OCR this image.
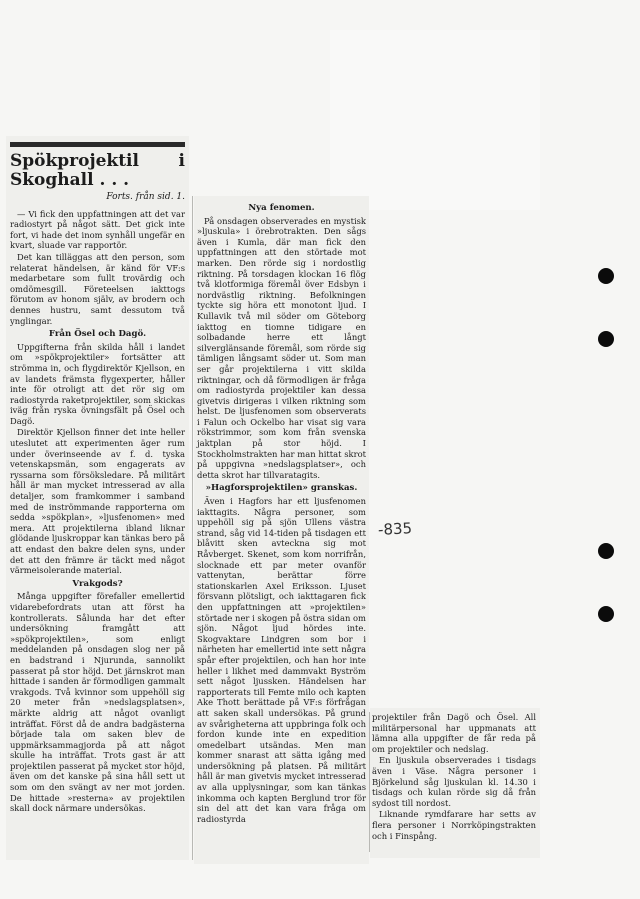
Spökprojektil i Skoghall . . .
Forts. från sid. 1.

— Vi fick den uppfattningen att det var radiostyrt på något sätt. Det gick inte fort, vi hade det inom synhåll ungefär en kvart, sluade var rapportör.

Det kan tilläggas att den person, som relaterat händelsen, är känd för VF:s medarbetare som fullt trovärdig och omdömesgill. Företeelsen iakttogs förutom av honom själv, av brodern och dennes hustru, samt dessutom två ynglingar.

Från Ösel och Dagö.

Uppgifterna från skilda håll i landet om »spökprojektiler» fortsätter att strömma in, och flygdirektör Kjellson, en av landets främsta flygexperter, håller inte för otroligt att det rör sig om radiostyrda raketprojektiler, som skickas iväg från ryska övningsfält på Ösel och Dagö.

Direktör Kjellson finner det inte heller uteslutet att experimenten äger rum under överinseende av f. d. tyska vetenskapsmän, som engagerats av ryssarna som försöksledare. På militärt håll är man mycket intresserad av alla detaljer, som framkommer i samband med de inströmmande rapporterna om sedda »spökplan», »ljusfenomen» med mera. Att projektilerna ibland liknar glödande ljuskroppar kan tänkas bero på att endast den bakre delen syns, under det att den främre är täckt med något värmeisolerande material.

Vrakgods?

Många uppgifter förefaller emellertid vidarebefordrats utan att först ha kontrollerats. Sålunda har det efter undersökning framgått att »spökprojektilen», som enligt meddelanden på onsdagen slog ner på en badstrand i Njurunda, sannolikt passerat på stor höjd. Det järnskrot man hittade i sanden är förmodligen gammalt vrakgods. Två kvinnor som uppehöll sig 20 meter från »nedslagsplatsen», märkte aldrig att något ovanligt inträffat. Först då de andra badgästerna började tala om saken blev de uppmärksammagjorda på att något skulle ha inträffat. Trots gast är att projektilen passerat på mycket stor höjd, även om det kanske på sina håll sett ut som om den svängt av ner mot jorden. De hittade »resterna» av projektilen skall dock närmare undersökas.

Nya fenomen.

På onsdagen observerades en mystisk »ljuskula» i örebrotrakten. Den sågs även i Kumla, där man fick den uppfattningen att den störtade mot marken. Den rörde sig i nordostlig riktning. På torsdagen klockan 16 flög två klotformiga föremål över Edsbyn i nordvästlig riktning. Befolkningen tyckte sig höra ett monotont ljud. I Kullavik två mil söder om Göteborg iakttog en tiomne tidigare en solbadande herre ett långt silverglänsande föremål, som rörde sig tämligen långsamt söder ut. Som man ser går projektilerna i vitt skilda riktningar, och då förmodligen är fråga om radiostyrda projektiler kan dessa givetvis dirigeras i vilken riktning som helst. De ljusfenomen som observerats i Falun och Ockelbo har visat sig vara rökstrimmor, som kom från svenska jaktplan på stor höjd. I Stockholmstrakten har man hittat skrot på uppgivna »nedslagsplatser», och detta skrot har tillvaratagits.

»Hagforsprojektilen» granskas.

Även i Hagfors har ett ljusfenomen iakttagits. Några personer, som uppehöll sig på sjön Ullens västra strand, såg vid 14-tiden på tisdagen ett blåvitt sken avteckna sig mot Råvberget. Skenet, som kom norrifrån, slocknade ett par meter ovanför vattenytan, berättar förre stationskarlen Axel Eriksson. Ljuset försvann plötsligt, och iakttagaren fick den uppfattningen att »projektilen» störtade ner i skogen på östra sidan om sjön. Något ljud hördes inte. Skogvaktare Lindgren som bor i närheten har emellertid inte sett några spår efter projektilen, och han hor inte heller i likhet med dammvakt Byström sett något ljussken. Händelsen har rapporterats till Femte milo och kapten Ake Thott berättade på VF:s förfrågan att saken skall undersökas. På grund av svårigheterna att uppbringa folk och fordon kunde inte en expedition omedelbart utsändas. Men man kommer snarast att sätta igång med undersökning på platsen. På militärt håll är man givetvis mycket intresserad av alla upplysningar, som kan tänkas inkomma och kapten Berglund tror för sin del att det kan vara fråga om radiostyrda

projektiler från Dagö och Ösel. All militärpersonal har uppmanats att lämna alla uppgifter de får reda på om projektiler och nedslag.

En ljuskula observerades i tisdags även i Väse. Några personer i Björkelund såg ljuskulan kl. 14.30 i tisdags och kulan rörde sig då från sydost till nordost.

Liknande rymdfarare har setts av flera personer i Norrköpingstrakten och i Finspång.

-835
